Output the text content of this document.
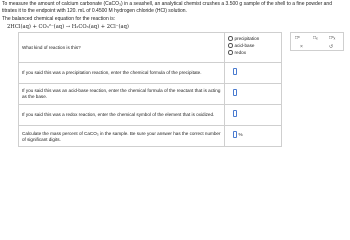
To measure the amount of calcium carbonate (CaCO₃) in a seashell, an analytical chemist crushes a 3.500 g sample of the shell to a fine powder and titrates it to the endpoint with 120. mL of 0.4500 M hydrogen chloride (HCl) solution.
The balanced chemical equation for the reaction is:
2HCl(aq) + CO₃²⁻(aq) → H₂CO₃(aq) + 2Cl⁻(aq)
What kind of reaction is this?
precipitation
acid-base
redox
If you said this was a precipitation reaction, enter the chemical formula of the precipitate.
If you said this was an acid-base reaction, enter the chemical formula of the reactant that is acting as the base.
If you said this was a redox reaction, enter the chemical symbol of the element that is oxidized.
Calculate the mass percent of CaCO₃ in the sample. Be sure your answer has the correct number of significant digits.
%
□ˣ	□ₓ □ˣₓ
×	↺
